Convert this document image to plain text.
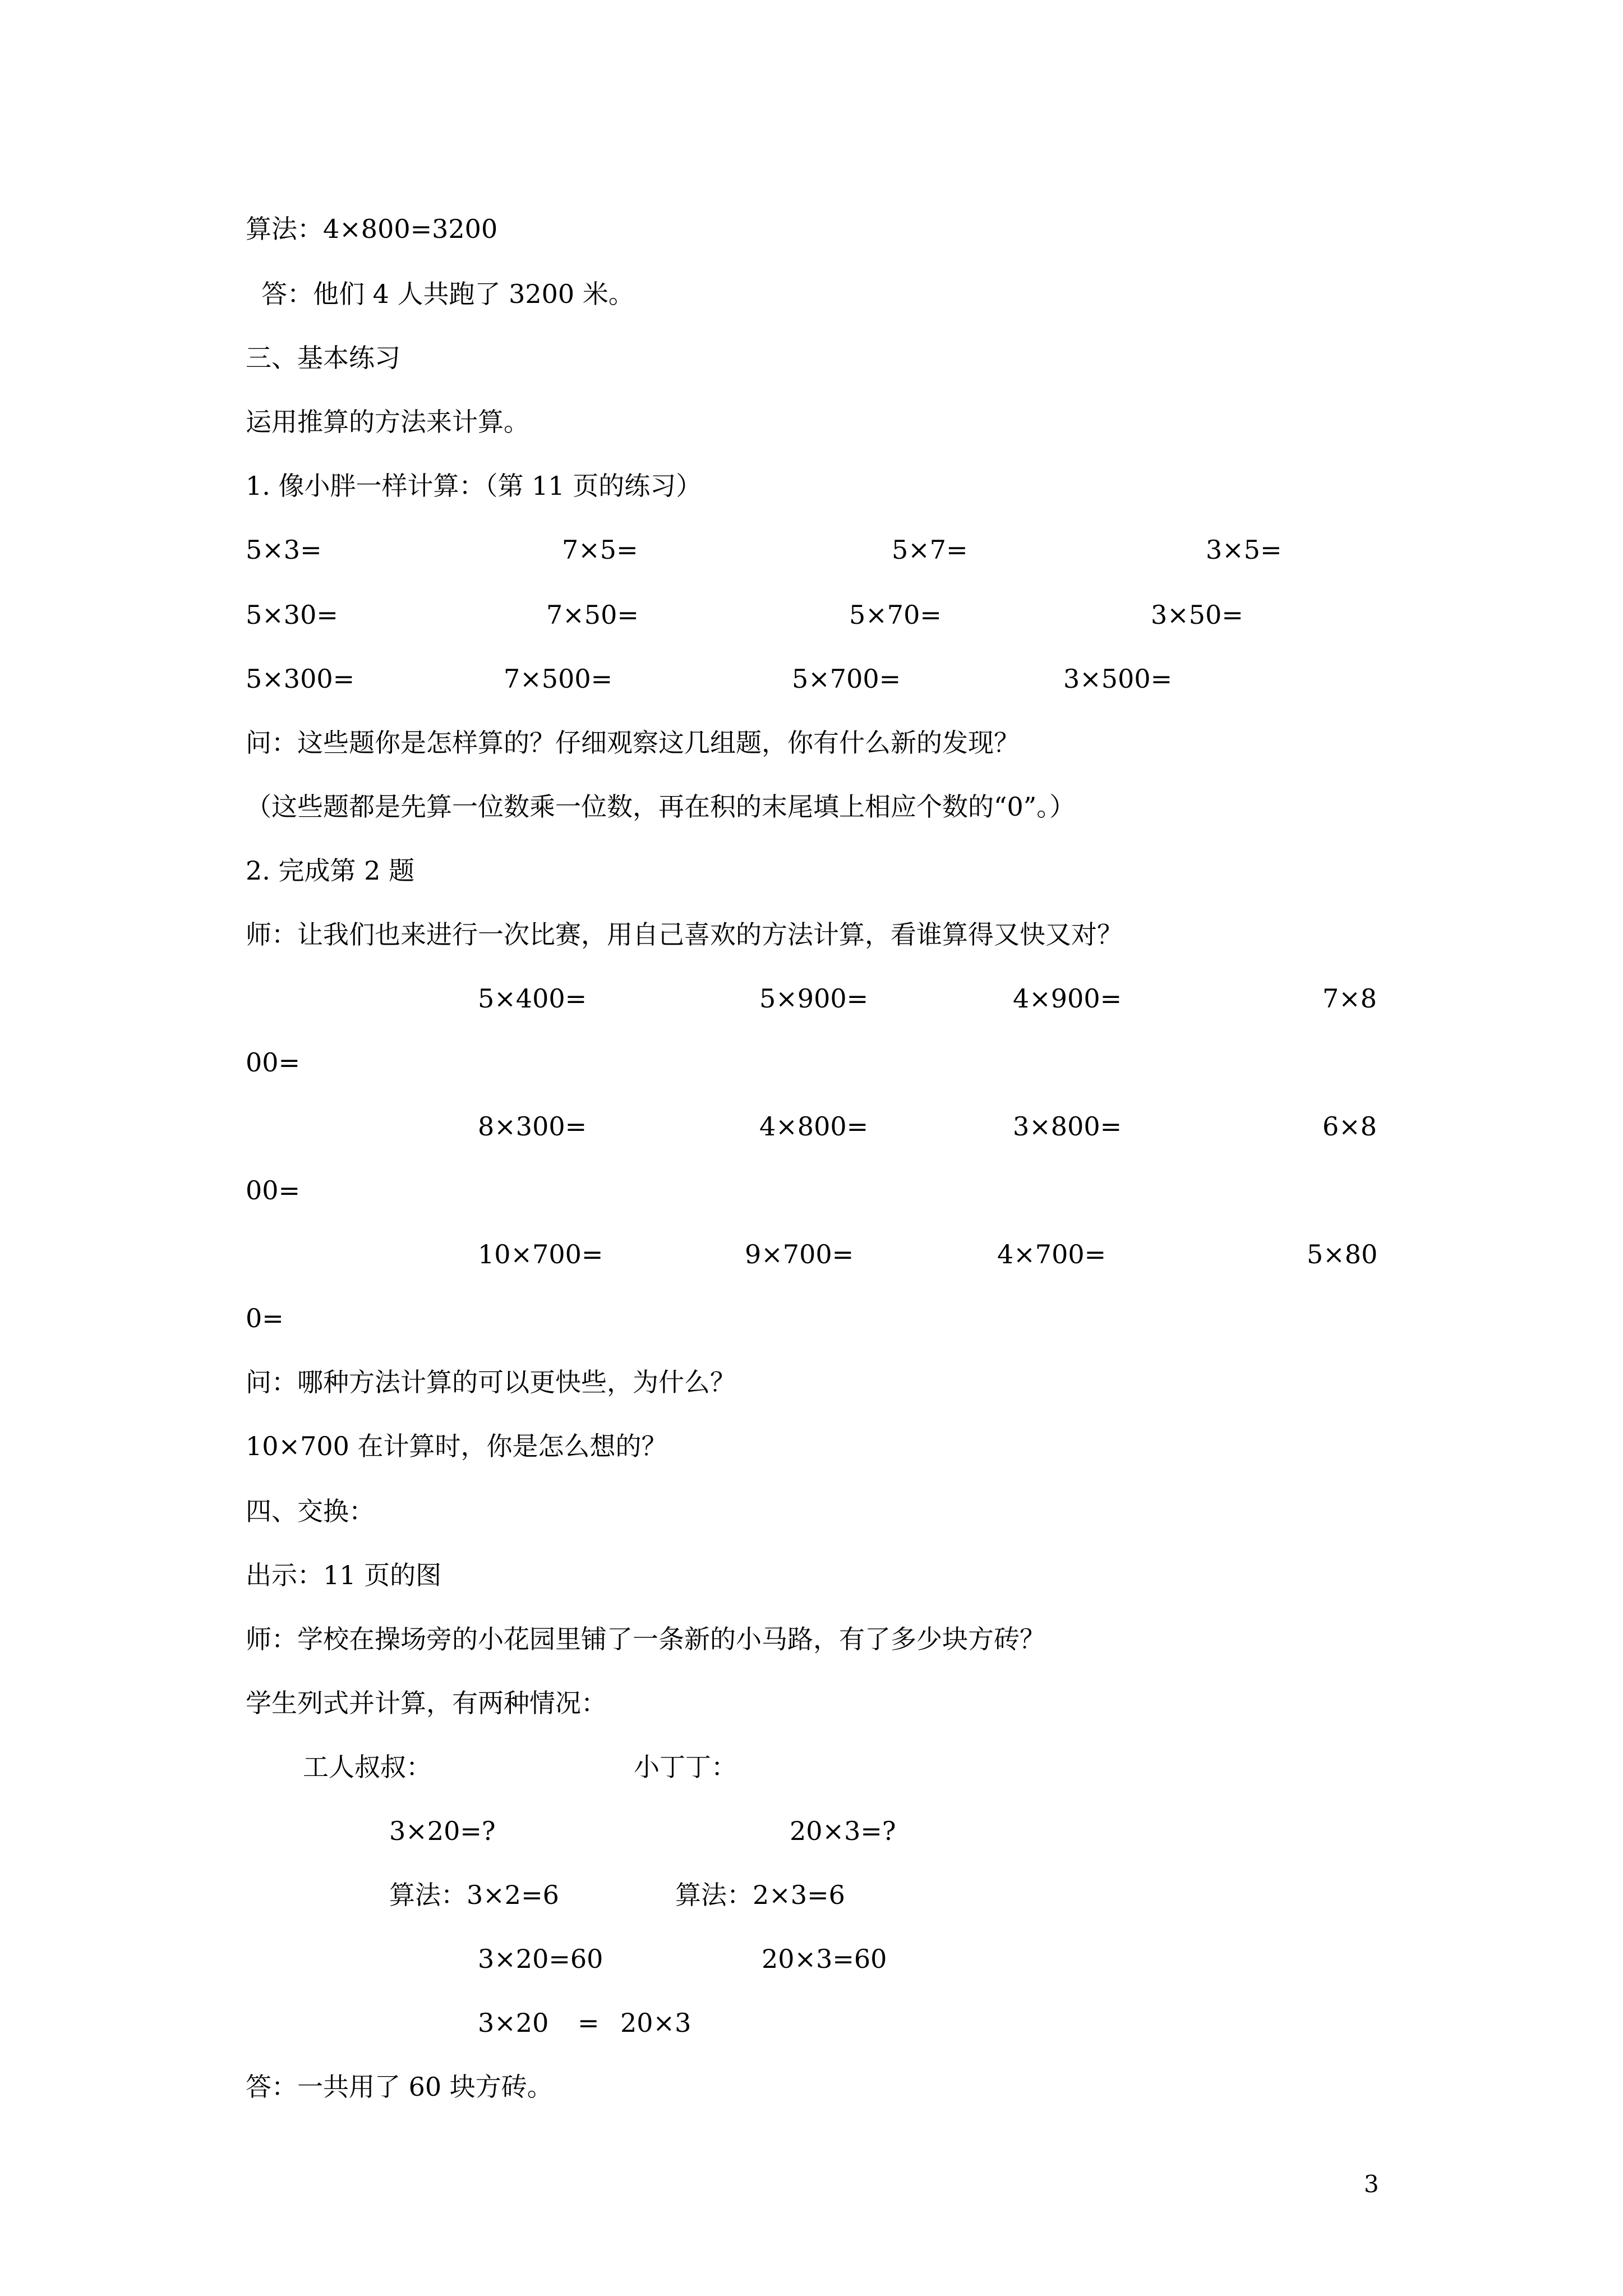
算法：4×800=3200
答：他们 4 人共跑了 3200 米。
三、基本练习
运用推算的方法来计算。
1. 像小胖一样计算：（第 11 页的练习）
5×3=	7×5=	5×7=	3×5=
5×30=	7×50=	5×70=	3×50=
5×300=	7×500=	5×700=	3×500=
问：这些题你是怎样算的？仔细观察这几组题，你有什么新的发现？
（这些题都是先算一位数乘一位数，再在积的末尾填上相应个数的“0”。）
2. 完成第 2 题
师：让我们也来进行一次比赛，用自己喜欢的方法计算，看谁算得又快又对？
5×400=	5×900=	4×900=	7×8
00=
8×300=	4×800=	3×800=	6×8
00=
10×700=	9×700=	4×700=	5×80
0=
问：哪种方法计算的可以更快些，为什么？
10×700 在计算时，你是怎么想的？
四、交换：
出示：11 页的图
师：学校在操场旁的小花园里铺了一条新的小马路，有了多少块方砖？
学生列式并计算，有两种情况：
工人叔叔：	小丁丁：
3×20=?	20×3=?
算法：3×2=6	算法：2×3=6
3×20=60	20×3=60
3×20 = 20×3
答：一共用了 60 块方砖。
3
